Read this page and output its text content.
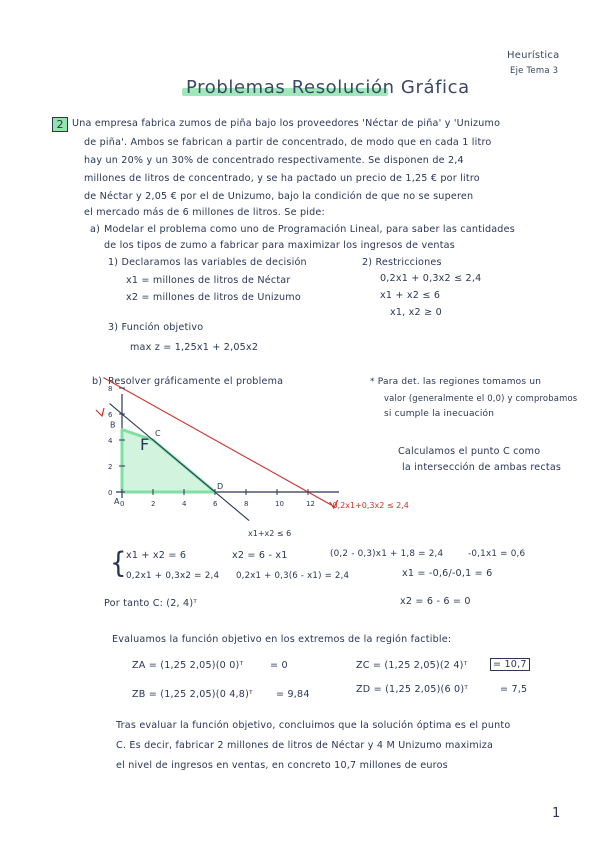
Heurística
Eje Tema 3
Problemas Resolución Gráfica
2 Una empresa fabrica zumos de piña bajo los proveedores 'Néctar de piña' y 'Unizumo
de piña'. Ambos se fabrican a partir de concentrado, de modo que en cada 1 litro
hay un 20% y un 30% de concentrado respectivamente. Se disponen de 2,4
millones de litros de concentrado, y se ha pactado un precio de 1,25 € por litro
de Néctar y 2,05 € por el de Unizumo, bajo la condición de que no se superen
el mercado más de 6 millones de litros. Se pide:
a) Modelar el problema como uno de Programación Lineal, para saber las cantidades
de los tipos de zumo a fabricar para maximizar los ingresos de ventas
1) Declaramos las variables de decisión
x1 = millones de litros de Néctar
x2 = millones de litros de Unizumo
2) Restricciones
0,2x1 + 0,3x2 ≤ 2,4
x1 + x2 ≤ 6
x1, x2 ≥ 0
3) Función objetivo
max z = 1,25x1 + 2,05x2
b) Resolver gráficamente el problema	* Para det. las regiones tomamos un
valor (generalmente el 0,0) y comprobamos
si cumple la inecuación
Calculamos el punto C como
la intersección de ambas rectas
8
6
4
2
0
0	2	4	6	8	10	12
A
B
C
D
F
0,2x1+0,3x2 ≤ 2,4
x1+x2 ≤ 6
{ x1 + x2 = 6	x2 = 6 - x1
0,2x1 + 0,3x2 = 2,4 0,2x1 + 0,3(6 - x1) = 2,4
(0,2 - 0,3)x1 + 1,8 = 2,4	-0,1x1 = 0,6
x1 = -0,6/-0,1 = 6
x2 = 6 - 6 = 0
Por tanto C: (2, 4)ᵀ
Evaluamos la función objetivo en los extremos de la región factible:
ZA = (1,25 2,05)(0 0)ᵀ	= 0	ZC = (1,25 2,05)(2 4)ᵀ	= 10,7
ZB = (1,25 2,05)(0 4,8)ᵀ = 9,84	ZD = (1,25 2,05)(6 0)ᵀ	= 7,5
Tras evaluar la función objetivo, concluimos que la solución óptima es el punto
C. Es decir, fabricar 2 millones de litros de Néctar y 4 M Unizumo maximiza
el nivel de ingresos en ventas, en concreto 10,7 millones de euros
1
